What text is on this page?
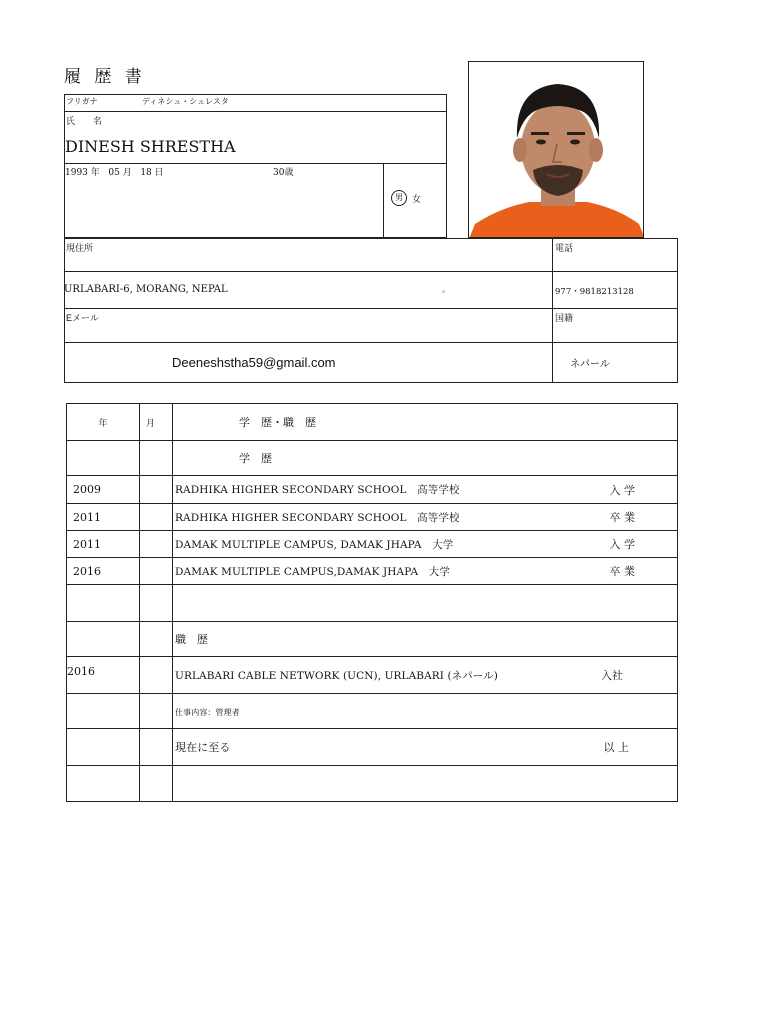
履 歴 書
フリガナ	ディネシュ・シュレスタ
氏　　名
DINESH SHRESTHA
1993 年 05 月 18 日	30歳
男	女
現住所	電話
URLABARI-6, MORANG, NEPAL	。	977・9818213128
Eメール	国籍
Deeneshstha59@gmail.com	ネパール
年	月	学　歴・職　歴
		学　歴
2009		RADHIKA HIGHER SECONDARY SCHOOL　高等学校 入 学

2011		RADHIKA HIGHER SECONDARY SCHOOL　高等学校 卒 業

2011		DAMAK MULTIPLE CAMPUS, DAMAK JHAPA　大学 入 学

2016		DAMAK MULTIPLE CAMPUS,DAMAK JHAPA　大学 卒 業

		職　歴
2016		URLABARI CABLE NETWORK (UCN), URLABARI (ネパール) 入社

		仕事内容：管理者
		現在に至る 以 上
